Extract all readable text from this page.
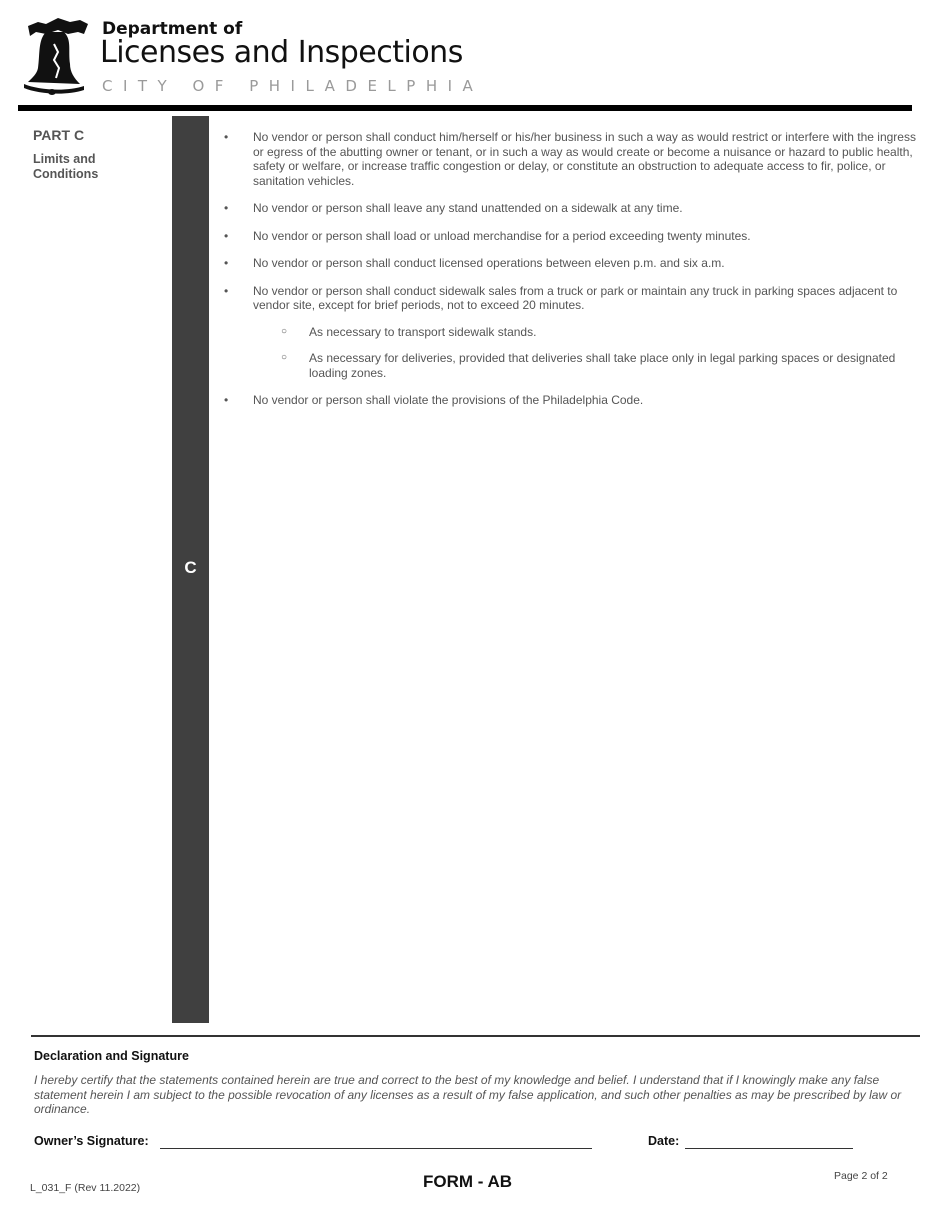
Department of
Licenses and Inspections
CITY OF PHILADELPHIA
PART C
Limits and Conditions
C
• No vendor or person shall conduct him/herself or his/her business in such a way as would restrict or interfere with the ingress or egress of the abutting owner or tenant, or in such a way as would create or become a nuisance or hazard to public health, safety or welfare, or increase traffic congestion or delay, or constitute an obstruction to adequate access to fir, police, or sanitation vehicles.
• No vendor or person shall leave any stand unattended on a sidewalk at any time.
• No vendor or person shall load or unload merchandise for a period exceeding twenty minutes.
• No vendor or person shall conduct licensed operations between eleven p.m. and six a.m.
• No vendor or person shall conduct sidewalk sales from a truck or park or maintain any truck in parking spaces adjacent to vendor site, except for brief periods, not to exceed 20 minutes.
○ As necessary to transport sidewalk stands.
○ As necessary for deliveries, provided that deliveries shall take place only in legal parking spaces or designated loading zones.
• No vendor or person shall violate the provisions of the Philadelphia Code.
Declaration and Signature
I hereby certify that the statements contained herein are true and correct to the best of my knowledge and belief. I understand that if I knowingly make any false statement herein I am subject to the possible revocation of any licenses as a result of my false application, and such other penalties as may be prescribed by law or ordinance.
Owner’s Signature:	Date:
L_031_F (Rev 11.2022)	FORM - AB	Page 2 of 2
